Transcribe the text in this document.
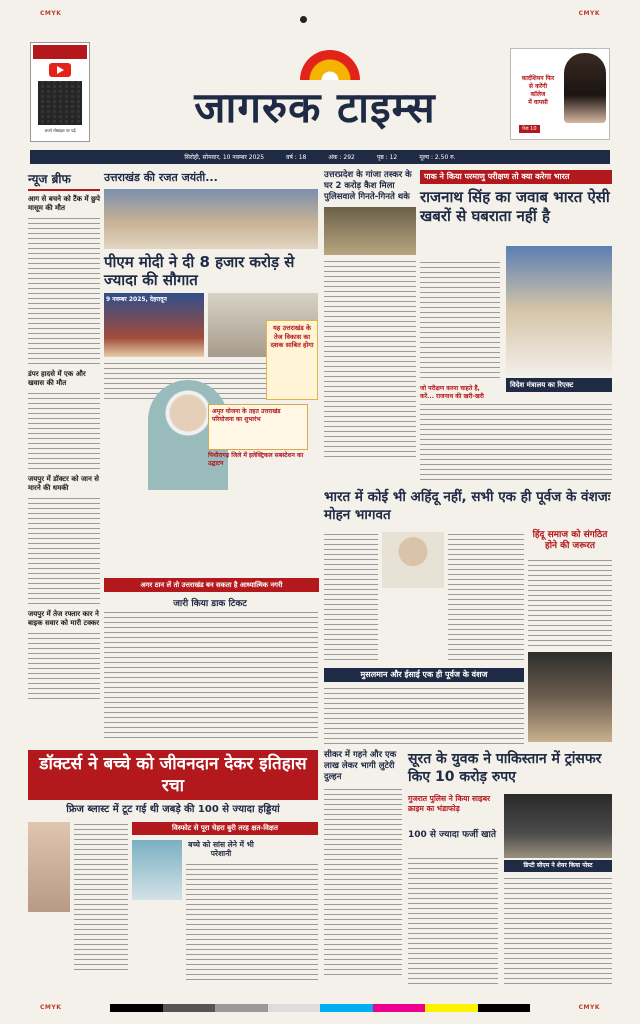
CMYK	CMYK
अपने मोबाइल पर पढ़ें	जागरुक टाइम्स
कार्दशियन फिर
से करेंगी
कॉलेज
में वापसी
पेज 10
सिरोही, सोमवार, 10 नवम्बर 2025	वर्ष : 18	अंक : 292	पृष्ठ : 12	मूल्य : 2.50 रु.
न्यूज ब्रीफ
आग से बचने को टैंक में छुपे मासूम की मौत
डंपर हादसे में एक और खवास की मौत
जयपुर में डॉक्टर को जान से मारने की धमकी
जयपुर में तेज रफ्तार कार ने बाइक सवार को मारी टक्कर
उत्तराखंड की रजत जयंती...
पीएम मोदी ने दी 8 हजार करोड़ से ज्यादा की सौगात
9 नवम्बर 2025, देहरादून
अमृत योजना के तहत उत्तराखंड परियोजना का शुभारंभ
पिथौरागढ़ जिले में इलेक्ट्रिकल सबस्टेशन का उद्घाटन
यह उत्तराखंड के तेज विकास का दशक साबित होगा
अगर ठान लें तो उत्तराखंड बन सकता है आध्यात्मिक नगरी
जारी किया डाक टिकट
उत्तरप्रदेश के गांजा तस्कर के घर 2 करोड़ कैश मिला पुलिसवाले गिनते-गिनते थके
पाक ने किया परमाणु परीक्षण तो क्या करेगा भारत
राजनाथ सिंह का जवाब भारत ऐसी खबरों से घबराता नहीं है
विदेश मंत्रालय का रिएक्ट
जो परीक्षण करना चाहते हैं,
करें... राजनाथ की खरी-खरी
भारत में कोई भी अहिंदू नहीं, सभी एक ही पूर्वज के वंशजः मोहन भागवत
हिंदू समाज को संगठित होने की जरूरत
मुसलमान और ईसाई एक ही पूर्वज के वंशज
डॉक्टर्स ने बच्चे को जीवनदान देकर इतिहास रचा
फ्रिज ब्लास्ट में टूट गई थी जबड़े की 100 से ज्यादा हड्डियां
विस्फोट से पूरा चेहरा बुरी तरह क्षत-विक्षत
बच्चे को सांस लेने में भी परेशानी
सीकर में गहने और एक लाख लेकर भागी लुटेरी दुल्हन
सूरत के युवक ने पाकिस्तान में ट्रांसफर किए 10 करोड़ रुपए
गुजरात पुलिस ने किया साइबर क्राइम का भंडाफोड़
100 से ज्यादा फर्जी खाते
डिप्टी सीएम ने शेयर किया पोस्ट
CMYK	CMYK
